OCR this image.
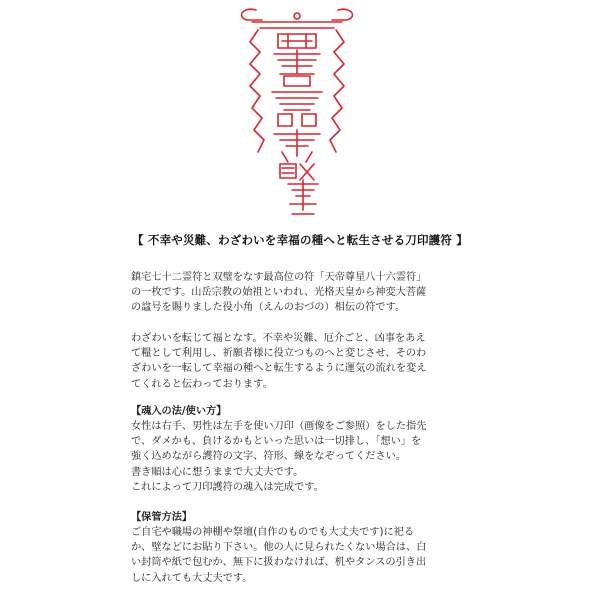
【 不幸や災難、わざわいを幸福の種へと転生させる刀印護符 】
鎮宅七十二霊符と双璧をなす最高位の符「天帝尊星八十六霊符」
の一枚です。山岳宗教の始祖といわれ、光格天皇から神変大菩薩
の諡号を賜りました役小角（えんのおづの）相伝の符です。
わざわいを転じて福となす。不幸や災難、厄介ごと、凶事をあえ
て糧として利用し、祈願者様に役立つものへと変じさせ、そのわ
ざわいを一転して幸福の種へと転生するように運気の流れを変え
てくれると伝わっております。
【魂入の法/使い方】
女性は右手、男性は左手を使い刀印（画像をご参照）をした指先
で、ダメかも、負けるかもといった思いは一切排し、「想い」を
強く込めながら護符の文字、符形、線をなぞってください。
書き順は心に想うままで大丈夫です。
これによって刀印護符の魂入は完成です。
【保管方法】
ご自宅や職場の神棚や祭壇(自作のものでも大丈夫です)に祀る
か、壁などにお貼り下さい。他の人に見られたくない場合は、白
い封筒や紙で包むか、無下に扱わなければ、机やタンスの引き出
しに入れても大丈夫です。
